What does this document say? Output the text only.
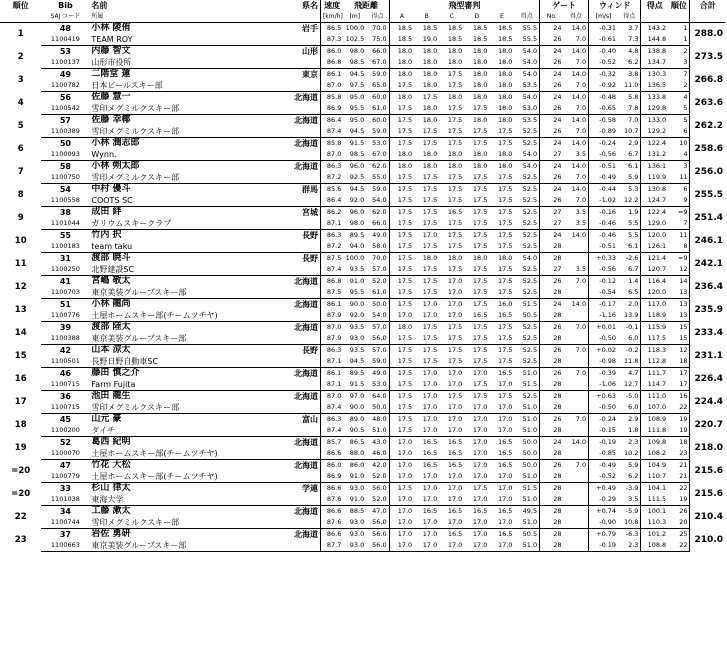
順位	Bib	名前	県名	速度	飛距離		飛型審判						ゲート		ウィンド		得点	順位	合計
	SAJ コード	所属		[km/h]	[m]	得点	A	B	C	D	E	得点	No.	得点	[m/s]	得点			
1	48	小林 陵侑	岩手	86.5	100.0	70.0	18.5	18.5	18.5	18.5	18.5	55.5	24	14.0	-0.31	3.7	143.2	1	288.0
	1100419	TEAM ROY		87.3	102.5	75.0	18.5	19.0	18.5	18.5	18.5	55.5	26	7.0	-0.61	7.3	144.8	1	
2	53	内藤 智文	山形	86.0	98.0	66.0	18.0	18.0	18.0	18.0	18.0	54.0	24	14.0	-0.40	4.8	138.8	2	273.5
	1100137	山形市役所		86.8	98.5	67.0	18.0	18.0	18.0	18.0	18.0	54.0	26	7.0	-0.52	6.2	134.7	3	
3	49	二階堂 蓮	東京	86.1	94.5	59.0	18.0	18.0	17.5	18.0	18.0	54.0	24	14.0	-0.32	3.8	130.3	7	266.8
	1100782	日本ビールスキー部		87.0	97.5	65.0	17.5	18.0	17.5	18.0	18.0	53.5	26	7.0	-0.92	11.0	136.5	2	
4	56	佐藤 慧一	北海道	85.8	95.0	60.0	18.0	17.5	18.0	18.0	18.0	54.0	24	14.0	-0.48	5.8	133.8	4	263.6
	1100542	雪印メグミルクスキー部		86.9	95.5	61.0	17.5	18.0	17.5	17.5	18.0	53.0	26	7.0	-0.65	7.8	129.8	5	
5	57	佐藤 幸椰	北海道	86.4	95.0	60.0	17.5	18.0	17.5	18.0	18.0	53.5	24	14.0	-0.58	7.0	133.0	5	262.2
	1100389	雪印メグミルクスキー部		87.4	94.5	59.0	17.5	17.5	17.5	17.5	17.5	52.5	26	7.0	-0.89	10.7	129.2	6	
6	50	小林 潤志郎	北海道	85.8	91.5	53.0	17.5	17.5	17.5	17.5	17.5	52.5	24	14.0	-0.24	2.9	122.4	10	258.6
	1100093	Wynn.		87.0	98.5	67.0	18.0	18.0	18.0	18.0	18.0	54.0	27	3.5	-0.56	6.7	131.2	4	
7	58	小林 朔太郎	北海道	86.3	96.0	62.0	18.0	18.0	18.0	18.0	18.0	54.0	24	14.0	-0.51	6.1	136.1	3	256.0
	1100750	雪印メグミルクスキー部		87.2	92.5	55.0	17.5	17.5	17.5	17.5	17.5	52.5	26	7.0	-0.49	5.9	119.9	11	
8	54	中村 優斗	群馬	85.6	94.5	59.0	17.5	17.5	17.5	17.5	17.5	52.5	24	14.0	-0.44	5.3	130.8	6	255.5
	1100558	COOTS SC		86.4	92.0	54.0	17.5	17.5	17.5	17.5	17.5	52.5	26	7.0	-1.02	12.2	124.7	9	
9	38	成田 絆	宮城	86.2	96.0	62.0	17.5	17.5	16.5	17.5	17.5	52.5	27	3.5	-0.16	1.9	122.4	=9	251.4
	1101044	ガリウムスキークラブ		87.1	98.0	66.0	17.5	17.5	17.5	17.5	17.5	52.5	27	3.5	-0.46	5.5	129.0	7	
10	55	竹内 択	長野	86.3	89.5	49.0	17.5	17.0	17.5	17.5	17.5	52.5	24	14.0	-0.46	5.5	120.0	11	246.1
	1100183	team taku		87.2	94.0	58.0	17.5	17.5	17.5	17.5	17.5	52.5	28		-0.51	6.1	126.1	8	
11	31	渡部 暁斗	長野	87.5	100.0	70.0	17.5	18.0	18.0	18.0	18.0	54.0	28		+0.33	-2.6	121.4	=9	242.1
	1100250	北野建設SC		87.4	93.5	57.0	17.5	17.5	17.5	17.5	17.5	52.5	27	3.5	-0.56	6.7	120.7	12	
12	41	宮嶋 敬太	北海道	86.8	91.0	52.0	17.5	17.5	17.0	17.5	17.5	52.5	26	7.0	-0.12	1.4	116.4	14	236.4
	1100703	東京美装グループスキー部		87.5	95.5	61.0	17.5	17.5	17.0	17.5	17.5	52.5	28		-0.54	6.5	120.0	13	
13	51	小林 龍尚	北海道	86.1	90.0	50.0	17.5	17.0	17.0	17.5	16.0	51.5	24	14.0	-0.17	2.0	117.0	13	235.9
	1100776	土屋ホームスキー部(チームツチヤ)		87.9	92.0	54.0	17.0	17.0	17.0	16.5	16.5	50.5	28		-1.16	13.9	118.9	13	
14	39	渡部 陸太	北海道	87.0	93.5	57.0	18.0	17.5	17.5	17.5	17.5	52.5	26	7.0	+0.01	-0.1	115.9	15	233.4
	1100388	東京美装グループスキー部		87.9	93.0	56.0	17.5	17.5	17.5	17.5	17.5	52.5	28		-0.50	6.0	117.5	15	
15	42	山本 涼太	長野	86.3	93.5	57.0	17.5	17.5	17.5	17.5	17.5	52.5	26	7.0	+0.02	-0.2	118.3	12	231.1
	1100501	長野日野自動車SC		87.1	94.5	59.0	17.5	17.5	17.5	17.5	17.5	52.5	28		-0.98	11.8	112.8	18	
16	46	藤田 慎之介	北海道	86.1	89.5	49.0	17.5	17.0	17.0	17.0	16.5	51.0	26	7.0	-0.39	4.7	111.7	17	226.4
	1100715	Farm Fujita		87.1	91.5	53.0	17.5	17.0	17.0	17.5	17.0	51.5	28		-1.06	12.7	114.7	17	
17	36	池田 龍生	北海道	87.0	97.0	64.0	17.5	17.0	17.5	17.5	17.5	52.5	28		+0.63	-5.0	111.0	16	224.4
	1100715	雪印メグミルクスキー部		87.4	90.0	50.0	17.5	17.0	17.0	17.0	17.0	51.0	28		-0.50	6.0	107.0	22	
18	45	山元 豪	富山	86.3	89.0	48.0	17.5	17.0	17.0	17.0	17.0	51.0	26	7.0	-0.24	2.9	108.9	19	220.7
	1100200	ダイチ		87.4	90.5	51.0	17.5	17.0	17.0	17.0	17.0	51.0	28		-0.15	1.8	111.8	19	
19	52	葛西 紀明	北海道	85.7	86.5	43.0	17.0	16.5	16.5	17.0	16.5	50.0	24	14.0	-0.19	2.3	109.8	18	218.0
	1100070	土屋ホームスキー部(チームツチヤ)		86.6	88.0	46.0	17.0	16.5	16.5	17.0	16.5	50.0	28		-0.85	10.2	108.2	23	
=20	47	竹花 大松	北海道	86.0	86.0	42.0	17.0	16.5	16.5	17.0	16.5	50.0	26	7.0	-0.49	5.9	104.9	21	215.6
	1100779	土屋ホームスキー部(チームツチヤ)		86.9	91.0	52.0	17.0	17.0	17.0	17.0	17.0	51.0	28		-0.52	6.2	110.7	21	
=20	33	杉山 律太	学連	86.6	93.0	56.0	17.5	17.0	17.0	17.5	17.0	51.5	28		+0.49	-3.9	104.1	22	215.6
	1101038	東海大学		87.6	91.0	52.0	17.0	17.0	17.0	17.0	17.0	51.0	28		-0.29	3.5	111.5	19	
22	34	工藤 漱太	北海道	86.6	88.5	47.0	17.0	16.5	16.5	16.5	16.5	49.5	28		+0.74	-5.9	100.1	26	210.4
	1100744	雪印メグミルクスキー部		87.6	93.0	56.0	17.0	17.0	17.0	17.0	17.0	51.0	28		-0.90	10.8	110.3	20	
23	37	岩佐 勇研	北海道	86.6	93.0	56.0	17.0	17.0	16.5	17.0	16.5	50.5	28		+0.79	-6.3	101.2	25	210.0
	1100663	東京美装グループスキー部		87.7	93.0	56.0	17.0	17.0	17.0	17.0	17.0	51.0	28		-0.19	2.3	108.8	22	
